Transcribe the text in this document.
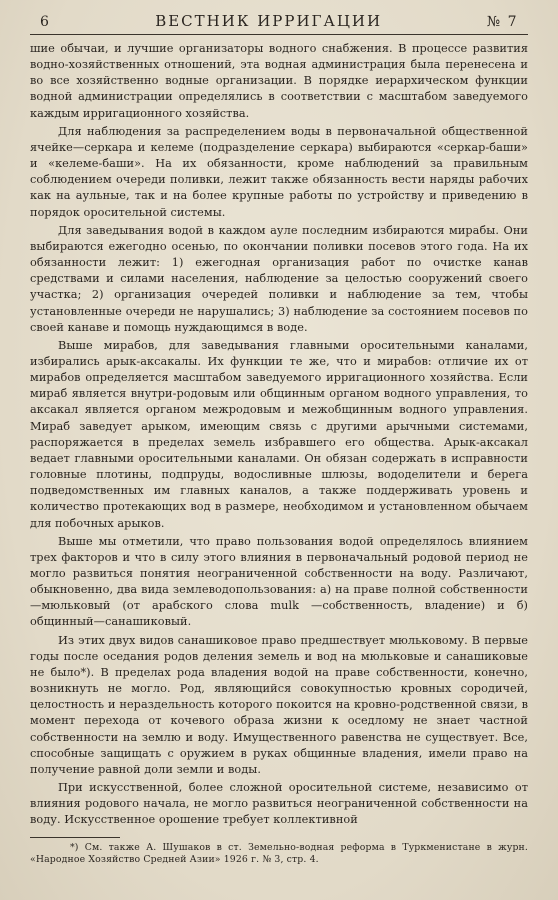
6	ВЕСТНИК ИРРИГАЦИИ	№ 7

шие обычаи, и лучшие организаторы водного снабжения. В процессе развития водно-хозяйственных отношений, эта водная администрация была перенесена и во все хозяйственно водные организации. В порядке иерархическом функции водной администрации определялись в соответствии с масштабом заведуемого каждым ирригационного хозяйства.

Для наблюдения за распределением воды в первоначальной общественной ячейке—серкара и келеме (подразделение серкара) выбираются «серкар-баши» и «келеме-баши». На их обязанности, кроме наблюдений за правильным соблюдением очереди поливки, лежит также обязанность вести наряды рабочих как на аульные, так и на более крупные работы по устройству и приведению в порядок оросительной системы.

Для заведывания водой в каждом ауле последним избираются мирабы. Они выбираются ежегодно осенью, по окончании поливки посевов этого года. На их обязанности лежит: 1) ежегодная организация работ по очистке канав средствами и силами населения, наблюдение за целостью сооружений своего участка; 2) организация очередей поливки и наблюдение за тем, чтобы установленные очереди не нарушались; 3) наблюдение за состоянием посевов по своей канаве и помощь нуждающимся в воде.

Выше мирабов, для заведывания главными оросительными каналами, избирались арык-аксакалы. Их функции те же, что и мирабов: отличие их от мирабов определяется масштабом заведуемого ирригационного хозяйства. Если мираб является внутри-родовым или общинным органом водного управления, то аксакал является органом межродовым и межобщинным водного управления. Мираб заведует арыком, имеющим связь с другими арычными системами, распоряжается в пределах земель избравшего его общества. Арык-аксакал ведает главными оросительными каналами. Он обязан содержать в исправности головные плотины, подпруды, водосливные шлюзы, вододелители и берега подведомственных им главных каналов, а также поддерживать уровень и количество протекающих вод в размере, необходимом и установленном обычаем для побочных арыков.

Выше мы отметили, что право пользования водой определялось влиянием трех факторов и что в силу этого влияния в первоначальный родовой период не могло развиться понятия неограниченной собственности на воду. Различают, обыкновенно, два вида землеводопользования: а) на праве полной собственности—мюльковый (от арабского слова mulk —собственность, владение) и б) общинный—санашиковый.

Из этих двух видов санашиковое право предшествует мюльковому. В первые годы после оседания родов деления земель и вод на мюльковые и санашиковые не было*). В пределах рода владения водой на праве собственности, конечно, возникнуть не могло. Род, являющийся совокупностью кровных сородичей, целостность и нераздельность которого покоится на кровно-родственной связи, в момент перехода от кочевого образа жизни к оседлому не знает частной собственности на землю и воду. Имущественного равенства не существует. Все, способные защищать с оружием в руках общинные владения, имели право на получение равной доли земли и воды.

При искусственной, более сложной оросительной системе, независимо от влияния родового начала, не могло развиться неограниченной собственности на воду. Искусственное орошение требует коллективной

*) См. также А. Шушаков в ст. Земельно-водная реформа в Туркменистане в журн. «Народное Хозяйство Средней Азии» 1926 г. № 3, стр. 4.
